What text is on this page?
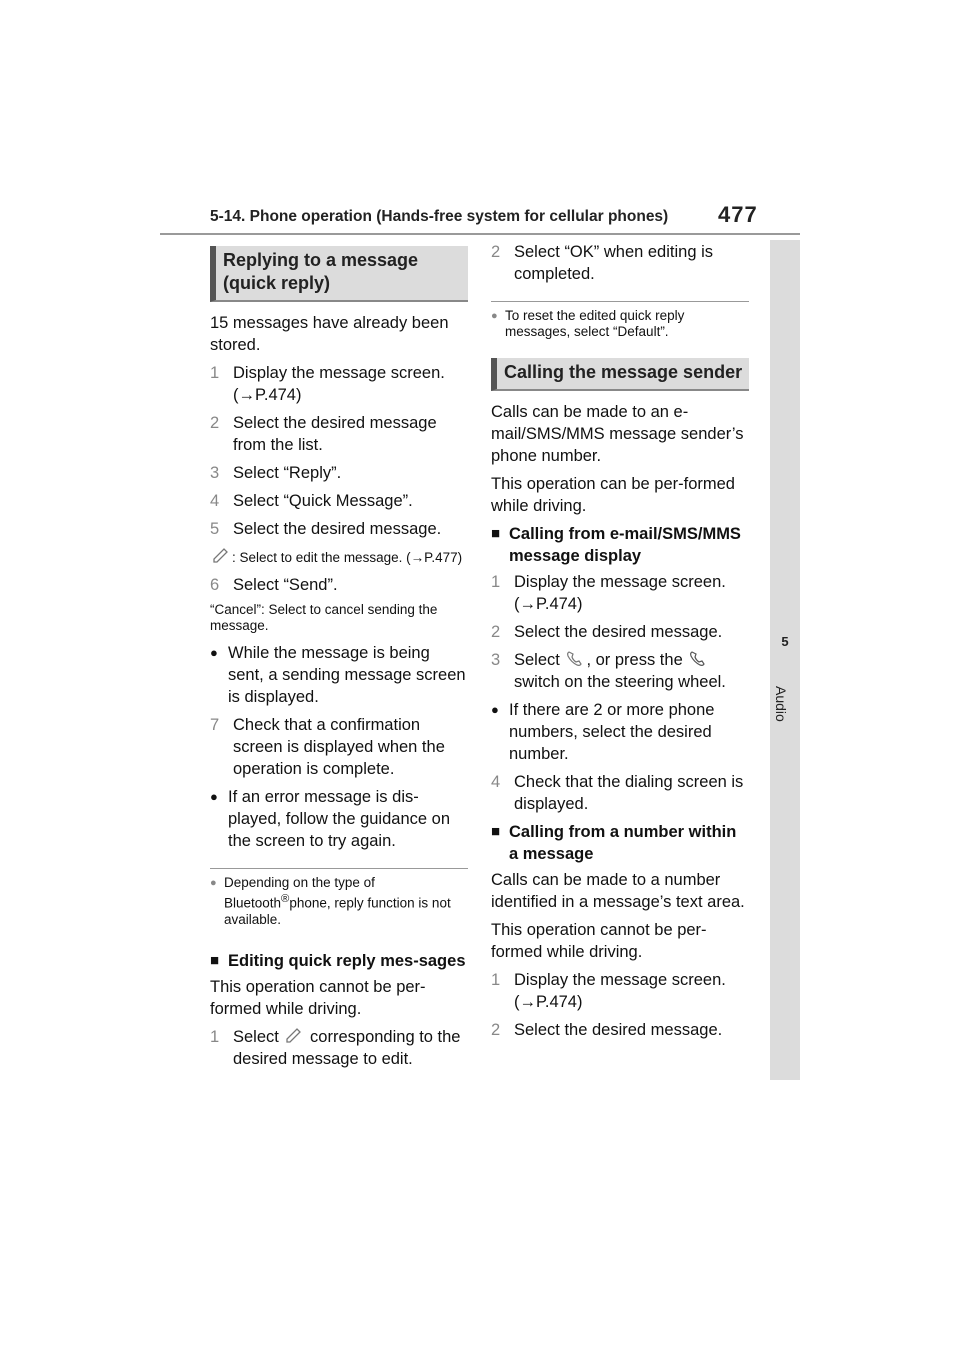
5-14. Phone operation (Hands-free system for cellular phones) 477
5
Audio
Replying to a message (quick reply)

15 messages have already been stored.

1 Display the message screen. (→P.474)
2 Select the desired message from the list.
3 Select “Reply”.
4 Select “Quick Message”.
5 Select the desired message.
: Select to edit the message. (→P.477)
6 Select “Send”.
“Cancel”: Select to cancel sending the message.
● While the message is being sent, a sending message screen is displayed.
7 Check that a confirmation screen is displayed when the operation is complete.
● If an error message is dis-played, follow the guidance on the screen to try again.
● Depending on the type of Bluetooth®phone, reply function is not available.
■ Editing quick reply mes-sages

This operation cannot be per-formed while driving.

1 Select corresponding to the desired message to edit.
2 Select “OK” when editing is completed.
● To reset the edited quick reply messages, select “Default”.
Calling the message sender

Calls can be made to an e-mail/SMS/MMS message sender’s phone number.

This operation can be per-formed while driving.

■ Calling from e-mail/SMS/MMS message display
1 Display the message screen. (→P.474)
2 Select the desired message.
3 Select , or press the  switch on the steering wheel.
● If there are 2 or more phone numbers, select the desired number.
4 Check that the dialing screen is displayed.
■ Calling from a number within a message

Calls can be made to a number identified in a message’s text area.

This operation cannot be per-formed while driving.

1 Display the message screen. (→P.474)
2 Select the desired message.
